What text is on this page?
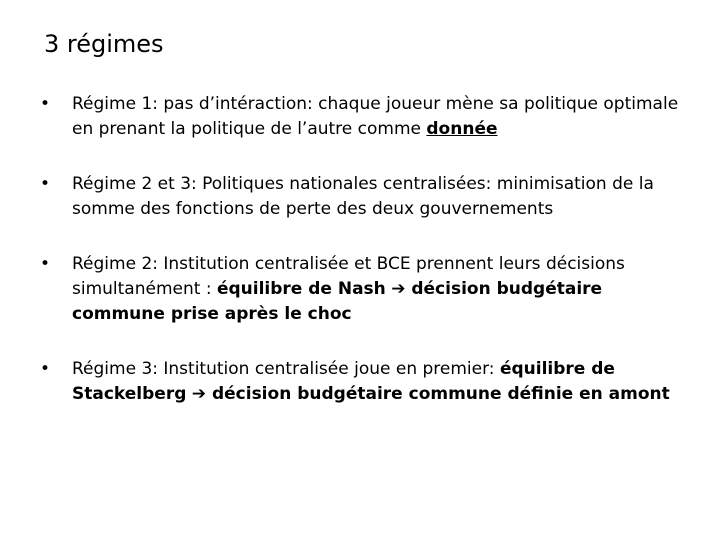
3 régimes
• Régime 1: pas d’intéraction: chaque joueur mène sa politique optimale en prenant la politique de l’autre comme donnée
• Régime 2 et 3: Politiques nationales centralisées: minimisation de la somme des fonctions de perte des deux gouvernements
• Régime 2: Institution centralisée et BCE prennent leurs décisions simultanément : équilibre de Nash ➔ décision budgétaire commune prise après le choc
• Régime 3: Institution centralisée joue en premier: équilibre de Stackelberg ➔ décision budgétaire commune définie en amont
